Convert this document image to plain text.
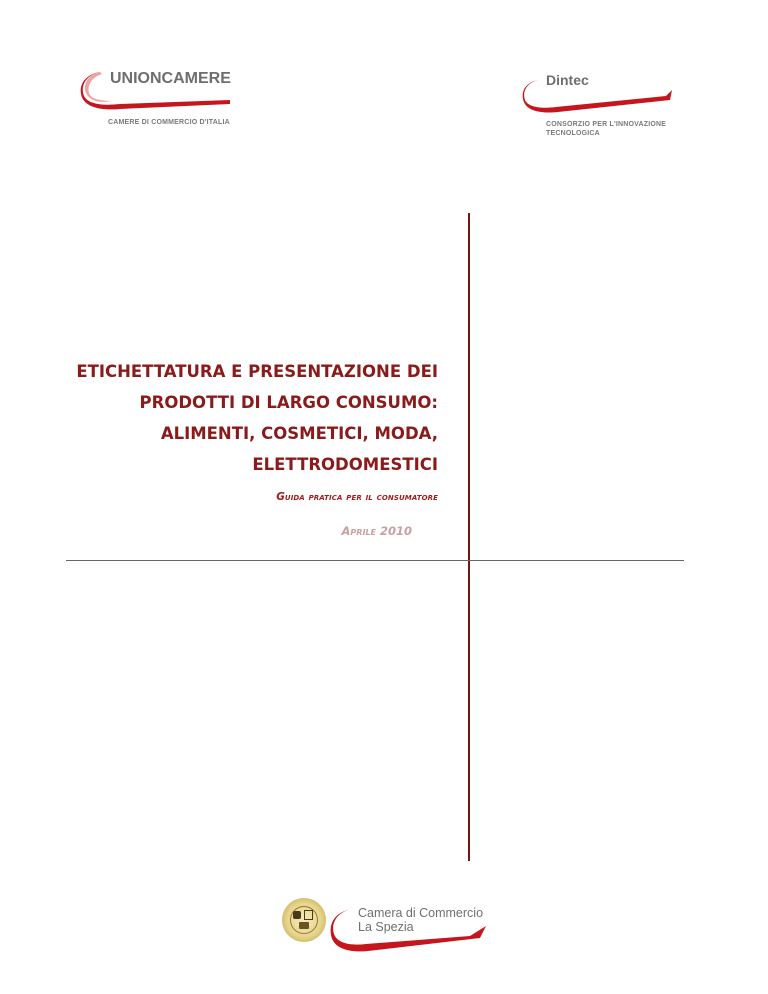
UNIONCAMERE
CAMERE DI COMMERCIO D'ITALIA
Dintec
CONSORZIO PER L'INNOVAZIONE
TECNOLOGICA
ETICHETTATURA E PRESENTAZIONE DEI
PRODOTTI DI LARGO CONSUMO:
ALIMENTI, COSMETICI, MODA,
ELETTRODOMESTICI
Guida pratica per il consumatore
Aprile 2010
Camera di Commercio
La Spezia
